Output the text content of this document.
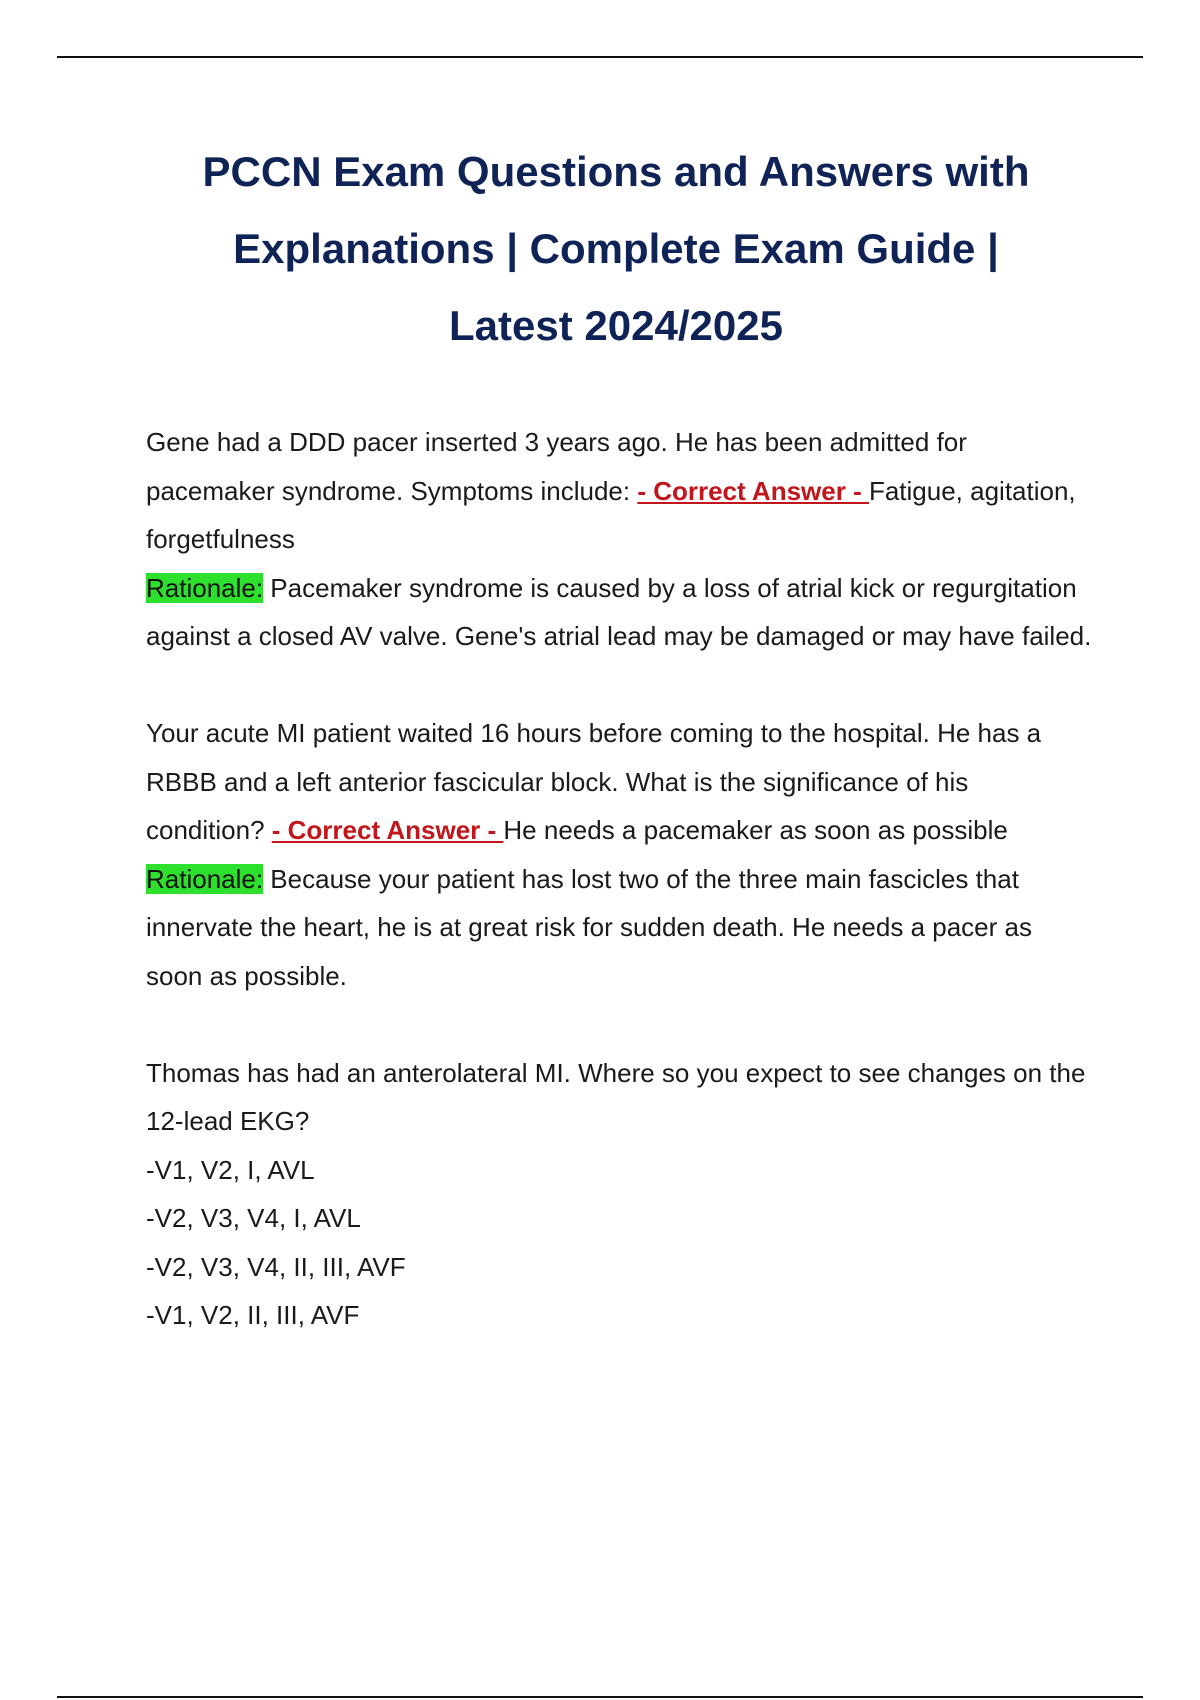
PCCN Exam Questions and Answers with
Explanations | Complete Exam Guide |
Latest 2024/2025

Gene had a DDD pacer inserted 3 years ago. He has been admitted for pacemaker syndrome. Symptoms include: - Correct Answer - Fatigue, agitation, forgetfulness

Rationale: Pacemaker syndrome is caused by a loss of atrial kick or regurgitation against a closed AV valve. Gene's atrial lead may be damaged or may have failed.

Your acute MI patient waited 16 hours before coming to the hospital. He has a RBBB and a left anterior fascicular block. What is the significance of his condition? - Correct Answer - He needs a pacemaker as soon as possible

Rationale: Because your patient has lost two of the three main fascicles that innervate the heart, he is at great risk for sudden death. He needs a pacer as soon as possible.

Thomas has had an anterolateral MI. Where so you expect to see changes on the 12-lead EKG?

-V1, V2, I, AVL
-V2, V3, V4, I, AVL
-V2, V3, V4, II, III, AVF
-V1, V2, II, III, AVF
